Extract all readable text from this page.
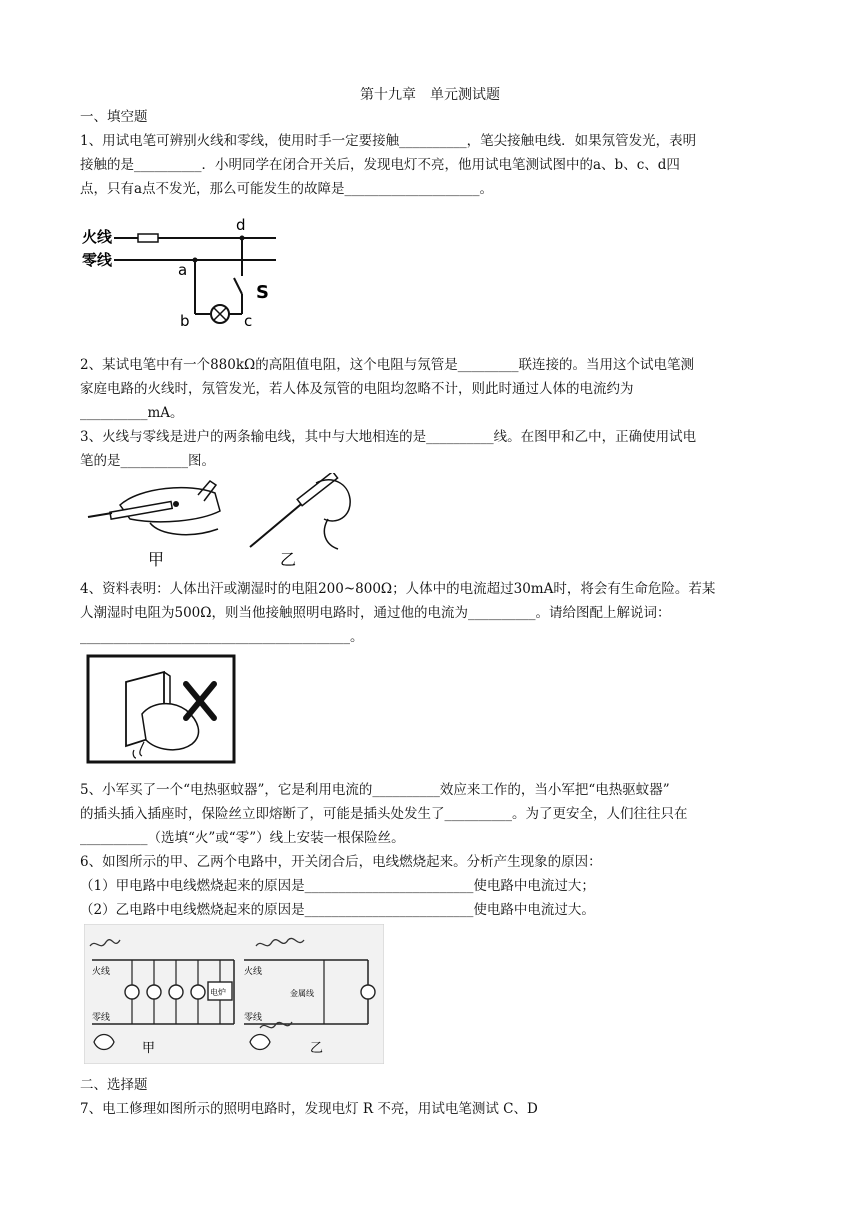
第十九章　单元测试题
一、填空题
1、用试电笔可辨别火线和零线，使用时手一定要接触__________，笔尖接触电线．如果氖管发光，表明
接触的是__________．小明同学在闭合开关后，发现电灯不亮，他用试电笔测试图中的a、b、c、d四
点，只有a点不发光，那么可能发生的故障是____________________。
火线
零线
a
b	c
d
S
2、某试电笔中有一个880kΩ的高阻值电阻，这个电阻与氖管是_________联连接的。当用这个试电笔测
家庭电路的火线时，氖管发光，若人体及氖管的电阻均忽略不计，则此时通过人体的电流约为
__________mA。
3、火线与零线是进户的两条输电线，其中与大地相连的是__________线。在图甲和乙中，正确使用试电
笔的是__________图。
甲	乙
4、资料表明：人体出汗或潮湿时的电阻200~800Ω；人体中的电流超过30mA时，将会有生命危险。若某
人潮湿时电阻为500Ω，则当他接触照明电路时，通过他的电流为__________。请给图配上解说词：
________________________________________。
5、小军买了一个“电热驱蚊器”，它是利用电流的__________效应来工作的，当小军把“电热驱蚊器”
的插头插入插座时，保险丝立即熔断了，可能是插头处发生了__________。为了更安全，人们往往只在
__________（选填“火”或“零”）线上安装一根保险丝。
6、如图所示的甲、乙两个电路中，开关闭合后，电线燃烧起来。分析产生现象的原因：
（1）甲电路中电线燃烧起来的原因是_________________________使电路中电流过大；
（2）乙电路中电线燃烧起来的原因是_________________________使电路中电流过大。
电炉
火线
零线
甲
金属线
火线
零线
乙
二、选择题
7、电工修理如图所示的照明电路时，发现电灯 R 不亮，用试电笔测试 C、D
